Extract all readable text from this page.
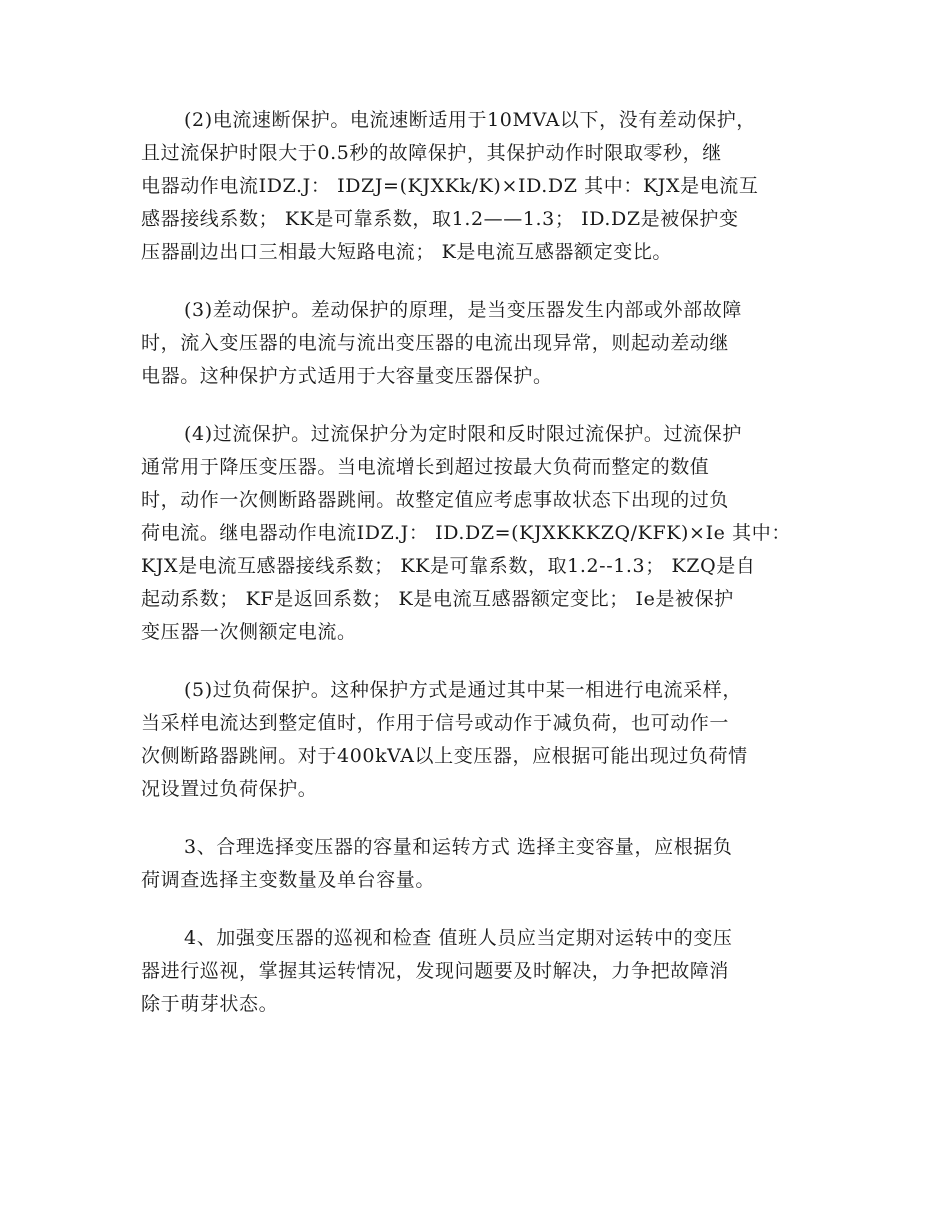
(2)电流速断保护。电流速断适用于10MVA以下，没有差动保护，
且过流保护时限大于0.5秒的故障保护，其保护动作时限取零秒，继
电器动作电流IDZ.J： IDZJ=(KJXKk/K)×ID.DZ 其中：KJX是电流互
感器接线系数； KK是可靠系数，取1.2——1.3； ID.DZ是被保护变
压器副边出口三相最大短路电流； K是电流互感器额定变比。
(3)差动保护。差动保护的原理，是当变压器发生内部或外部故障
时，流入变压器的电流与流出变压器的电流出现异常，则起动差动继
电器。这种保护方式适用于大容量变压器保护。
(4)过流保护。过流保护分为定时限和反时限过流保护。过流保护
通常用于降压变压器。当电流增长到超过按最大负荷而整定的数值
时，动作一次侧断路器跳闸。故整定值应考虑事故状态下出现的过负
荷电流。继电器动作电流IDZ.J： ID.DZ=(KJXKKKZQ/KFK)×Ie 其中：
KJX是电流互感器接线系数； KK是可靠系数，取1.2--1.3； KZQ是自
起动系数； KF是返回系数； K是电流互感器额定变比； Ie是被保护
变压器一次侧额定电流。
(5)过负荷保护。这种保护方式是通过其中某一相进行电流采样，
当采样电流达到整定值时，作用于信号或动作于减负荷，也可动作一
次侧断路器跳闸。对于400kVA以上变压器，应根据可能出现过负荷情
况设置过负荷保护。
3、合理选择变压器的容量和运转方式 选择主变容量，应根据负
荷调查选择主变数量及单台容量。
4、加强变压器的巡视和检查 值班人员应当定期对运转中的变压
器进行巡视，掌握其运转情况，发现问题要及时解决，力争把故障消
除于萌芽状态。
